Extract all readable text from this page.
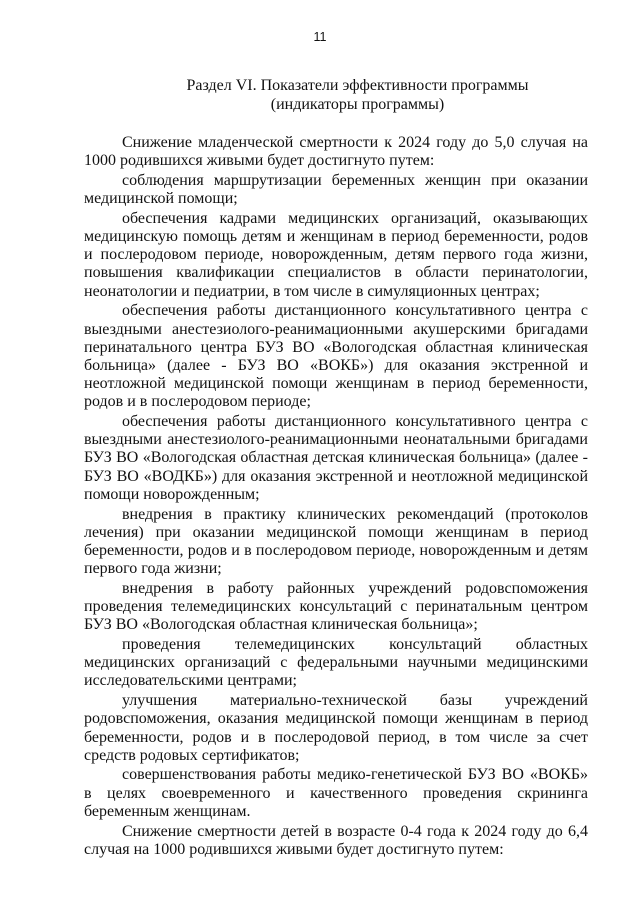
11
Раздел VI. Показатели эффективности программы
(индикаторы программы)

Снижение младенческой смертности к 2024 году до 5,0 случая на 1000 родившихся живыми будет достигнуто путем:

соблюдения маршрутизации беременных женщин при оказании медицинской помощи;

обеспечения кадрами медицинских организаций, оказывающих медицинскую помощь детям и женщинам в период беременности, родов и послеродовом периоде, новорожденным, детям первого года жизни, повышения квалификации специалистов в области перинатологии, неонатологии и педиатрии, в том числе в симуляционных центрах;

обеспечения работы дистанционного консультативного центра с выездными анестезиолого-реанимационными акушерскими бригадами перинатального центра БУЗ ВО «Вологодская областная клиническая больница» (далее - БУЗ ВО «ВОКБ») для оказания экстренной и неотложной медицинской помощи женщинам в период беременности, родов и в послеродовом периоде;

обеспечения работы дистанционного консультативного центра с выездными анестезиолого-реанимационными неонатальными бригадами БУЗ ВО «Вологодская областная детская клиническая больница» (далее - БУЗ ВО «ВОДКБ») для оказания экстренной и неотложной медицинской помощи новорожденным;

внедрения в практику клинических рекомендаций (протоколов лечения) при оказании медицинской помощи женщинам в период беременности, родов и в послеродовом периоде, новорожденным и детям первого года жизни;

внедрения в работу районных учреждений родовспоможения проведения телемедицинских консультаций с перинатальным центром БУЗ ВО «Вологодская областная клиническая больница»;

проведения телемедицинских консультаций областных медицинских организаций с федеральными научными медицинскими исследовательскими центрами;

улучшения материально-технической базы учреждений родовспоможения, оказания медицинской помощи женщинам в период беременности, родов и в послеродовой период, в том числе за счет средств родовых сертификатов;

совершенствования работы медико-генетической БУЗ ВО «ВОКБ» в целях своевременного и качественного проведения скрининга беременным женщинам.

Снижение смертности детей в возрасте 0-4 года к 2024 году до 6,4 случая на 1000 родившихся живыми будет достигнуто путем:
